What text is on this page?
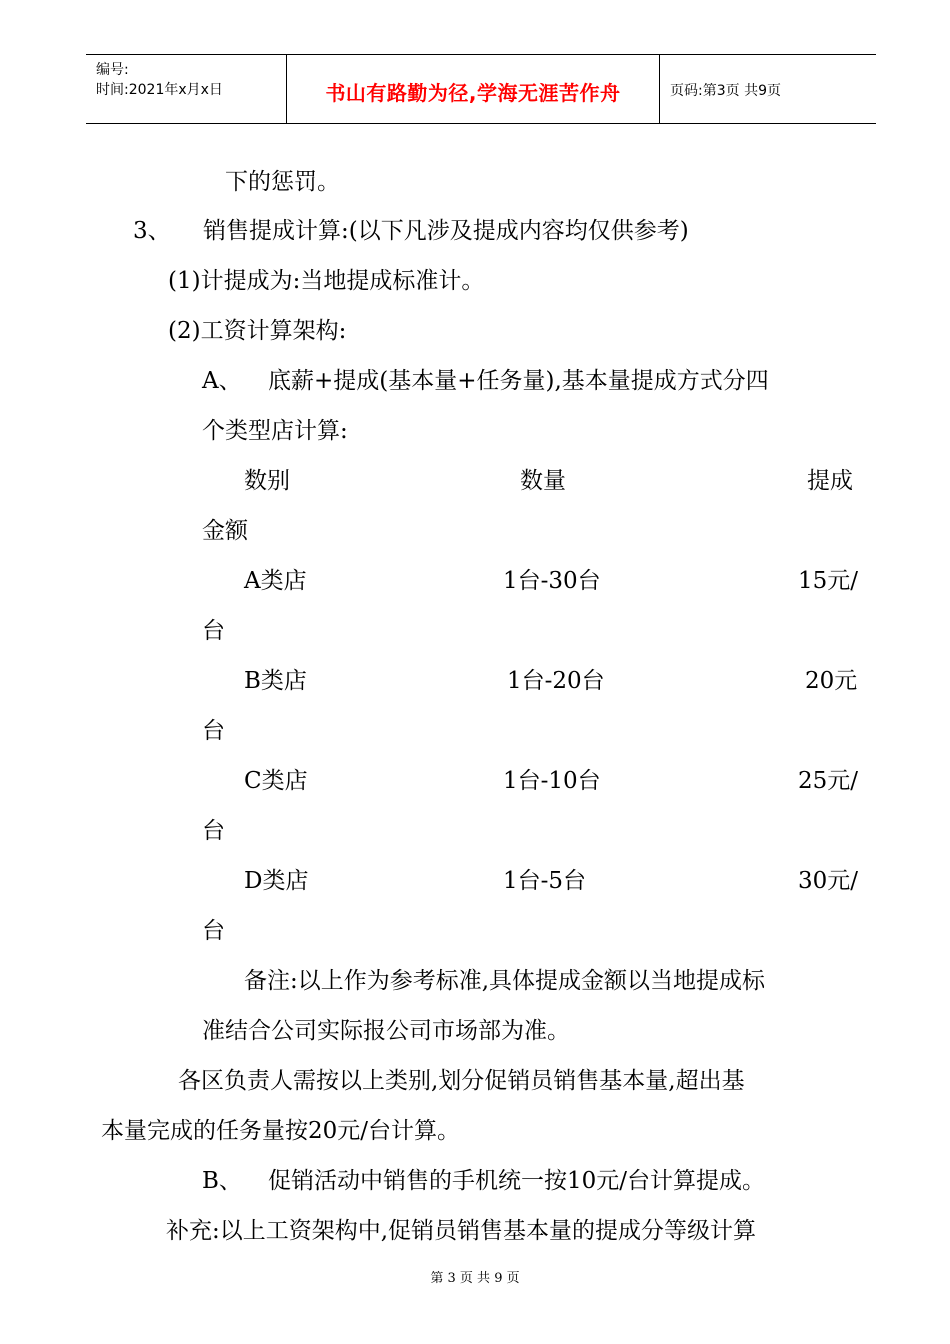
编号:
时间:2021年x月x日	书山有路勤为径,学海无涯苦作舟	页码:第3页 共9页
下的惩罚。
3、 销售提成计算:(以下凡涉及提成内容均仅供参考)
(1)计提成为:当地提成标准计。
(2)工资计算架构:
A、 底薪+提成(基本量+任务量),基本量提成方式分四
个类型店计算:
数别	数量	提成
金额
A类店	1台-30台	15元/
台
B类店	1台-20台	20元
台
C类店	1台-10台	25元/
台
D类店	1台-5台	30元/
台
备注:以上作为参考标准,具体提成金额以当地提成标
准结合公司实际报公司市场部为准。
各区负责人需按以上类别,划分促销员销售基本量,超出基
本量完成的任务量按20元/台计算。
B、 促销活动中销售的手机统一按10元/台计算提成。
补充:以上工资架构中,促销员销售基本量的提成分等级计算
第 3 页 共 9 页
